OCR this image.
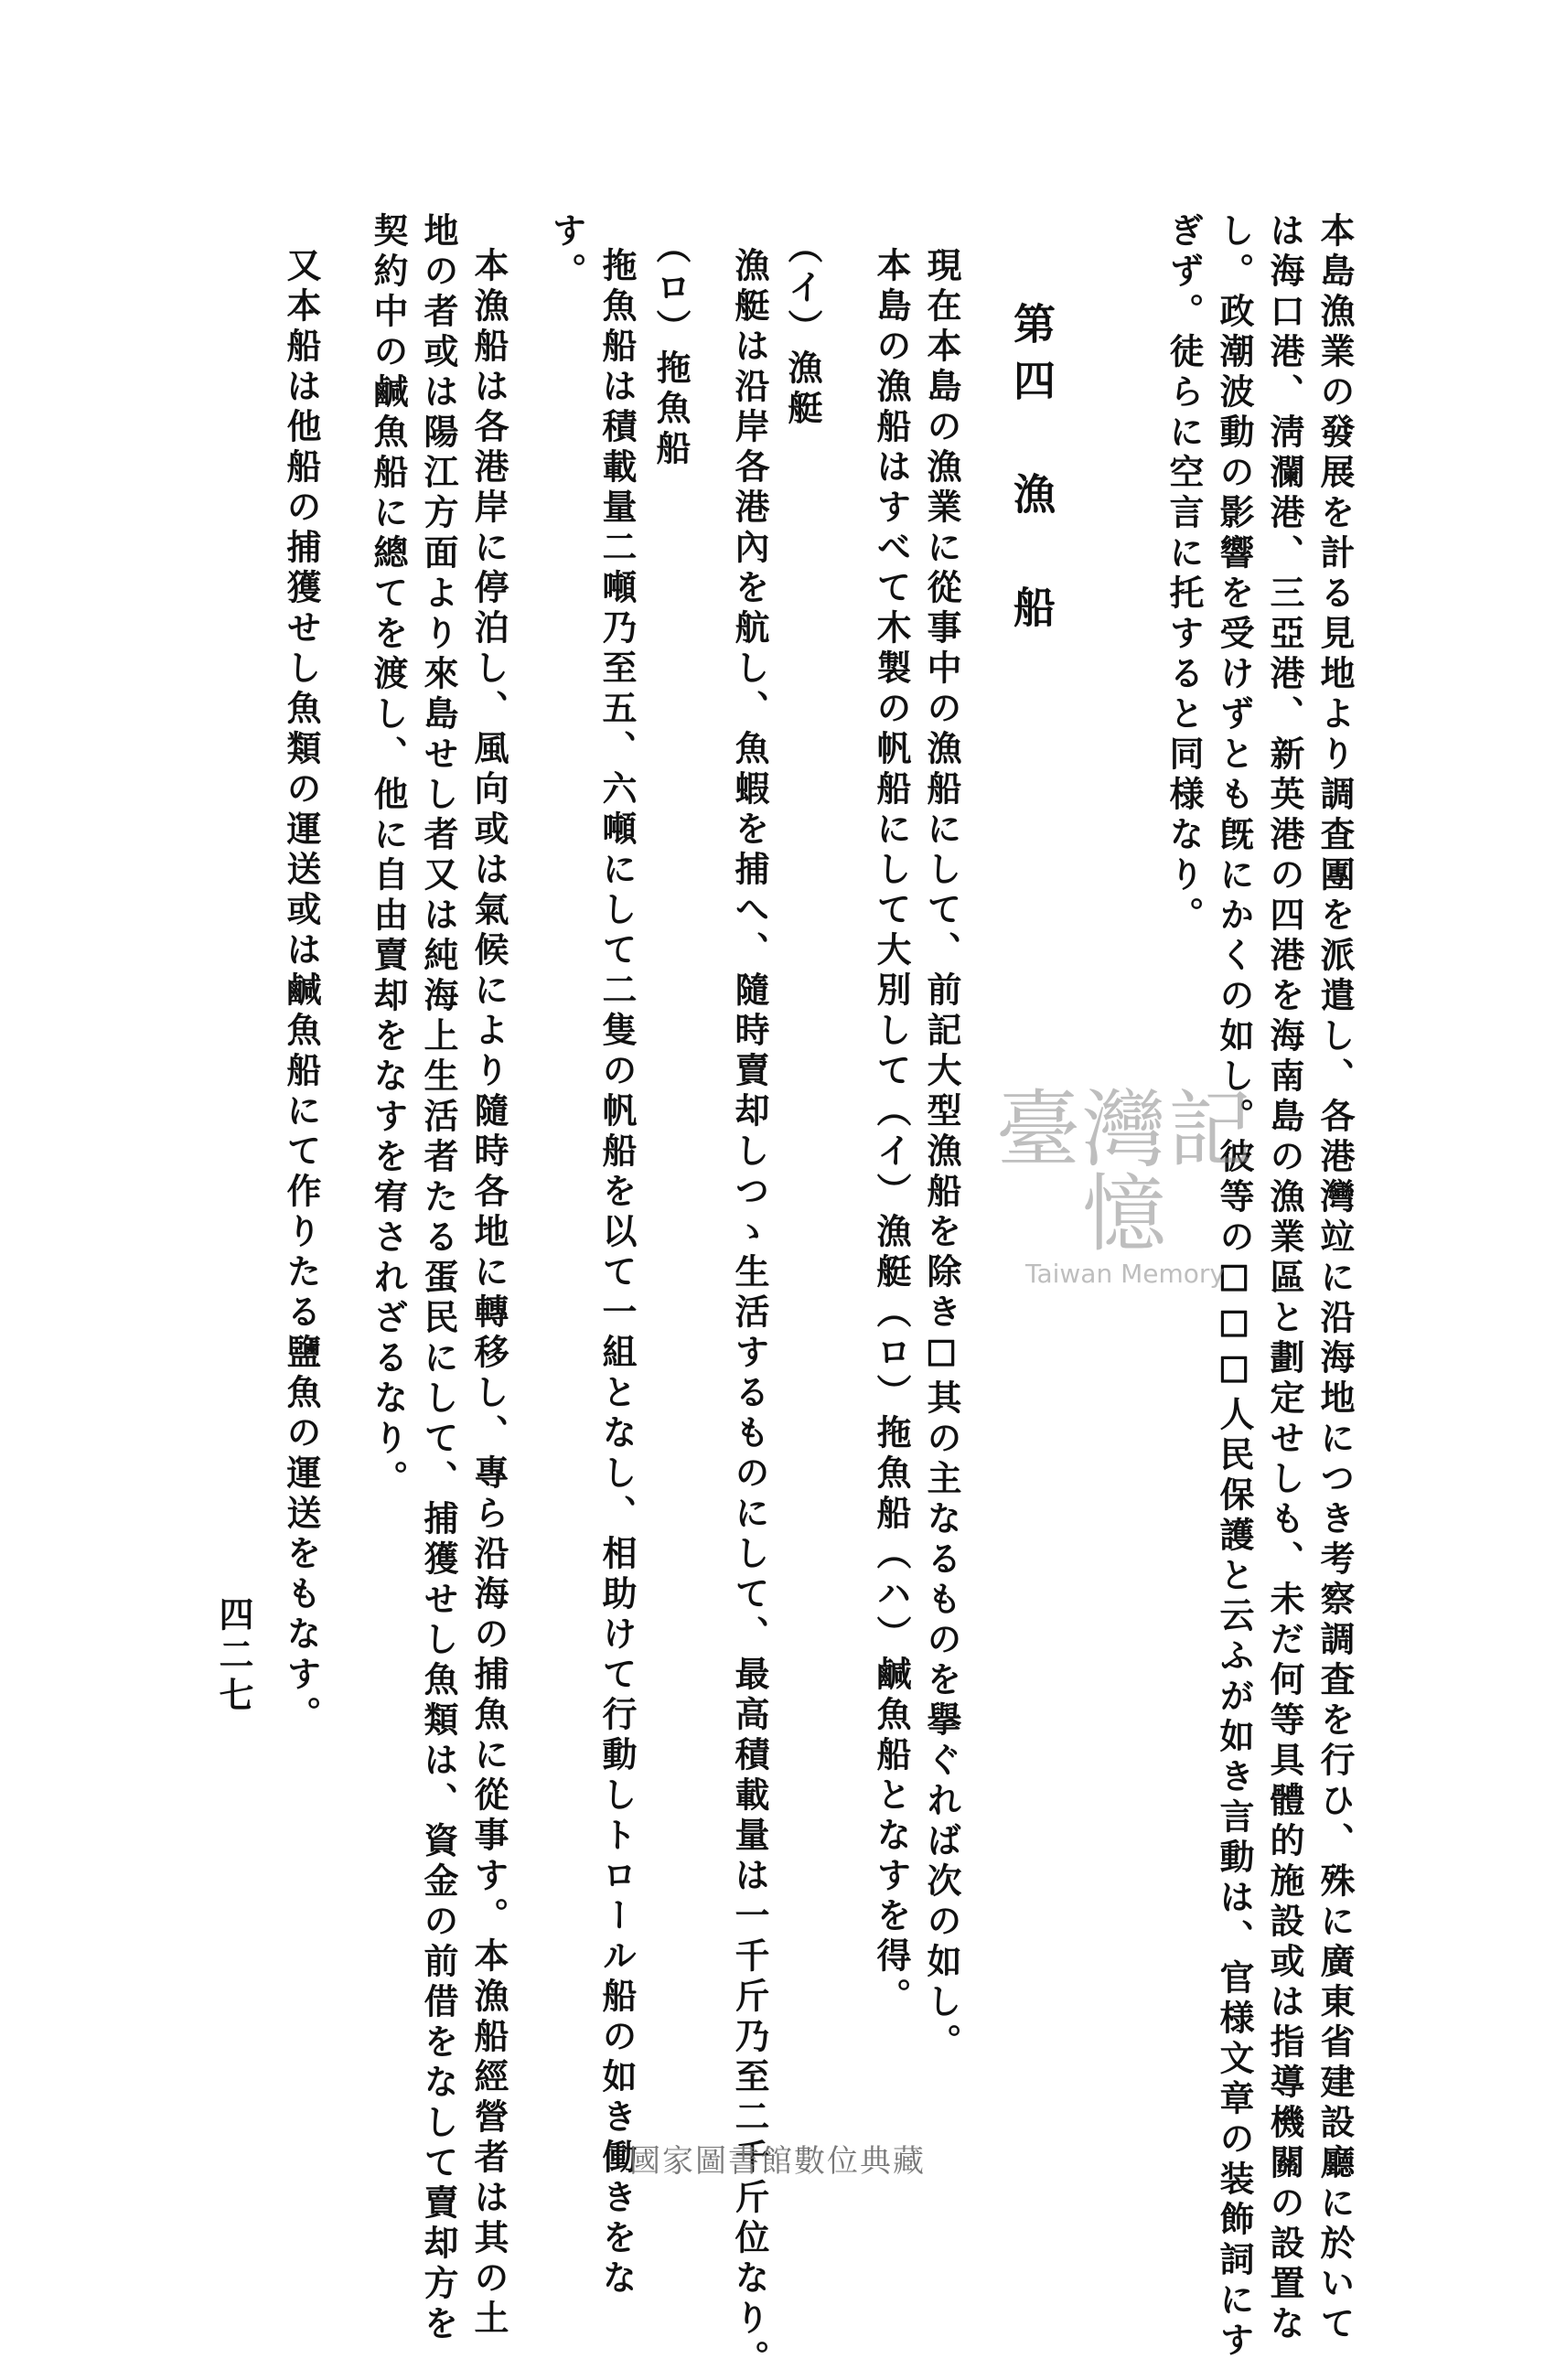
本島漁業の發展を計る見地より調査團を派遣し、各港灣竝に沿海地につき考察調査を行ひ、殊に廣東省建設廳に於いて
は海口港、淸瀾港、三亞港、新英港の四港を海南島の漁業區と劃定せしも、未だ何等具體的施設或は指導機關の設置な
し。政潮波動の影響を受けずとも旣にかくの如し。彼等の☐☐☐人民保護と云ふが如き言動は、官様文章の装飾詞にす
ぎず。徒らに空言に托すると同様なり。
第四　漁　船
現在本島の漁業に從事中の漁船にして、前記大型漁船を除き☐其の主なるものを擧ぐれば次の如し。
本島の漁船はすべて木製の帆船にして大別して（イ）漁艇（ロ）拖魚船（ハ）鹹魚船となすを得。
（イ）漁艇
漁艇は沿岸各港內を航し、魚蝦を捕へ、隨時賣却しつゝ生活するものにして、最高積載量は一千斤乃至二千斤位なり。
（ロ）拖魚船
拖魚船は積載量二噸乃至五、六噸にして二隻の帆船を以て一組となし、相助けて行動しトロール船の如き働きをな
す。
本漁船は各港岸に停泊し、風向或は氣候により隨時各地に轉移し、專ら沿海の捕魚に從事す。本漁船經營者は其の土
地の者或は陽江方面より來島せし者又は純海上生活者たる蛋民にして、捕獲せし魚類は、資金の前借をなして賣却方を
契約中の鹹魚船に總てを渡し、他に自由賣却をなすを宥されざるなり。
又本船は他船の捕獲せし魚類の運送或は鹹魚船にて作りたる鹽魚の運送をもなす。
四二七
臺灣記憶
Taiwan Memory
國家圖書館數位典藏
